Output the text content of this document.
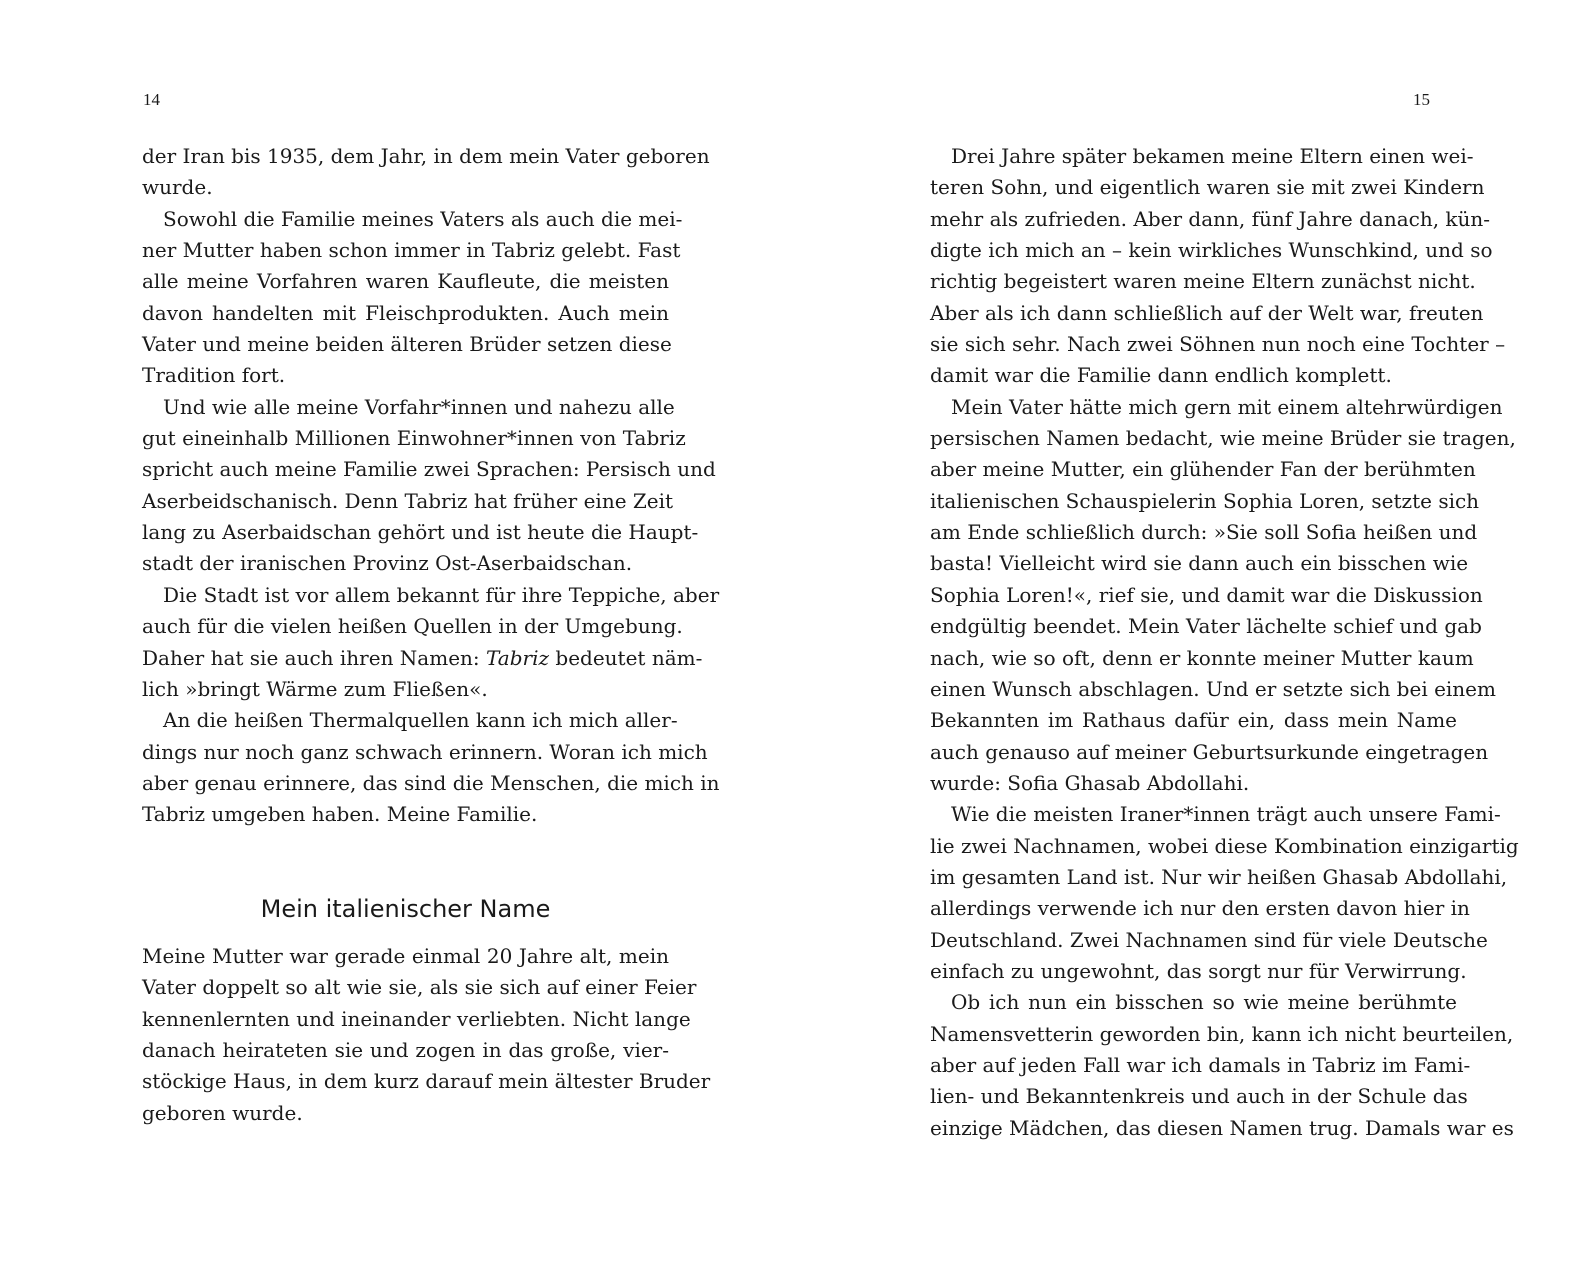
14
der Iran bis 1935, dem Jahr, in dem mein Vater geboren
wurde.
Sowohl die Familie meines Vaters als auch die mei-
ner Mutter haben schon immer in Tabriz gelebt. Fast
alle meine Vorfahren waren Kaufleute, die meisten
davon handelten mit Fleischprodukten. Auch mein
Vater und meine beiden älteren Brüder setzen diese
Tradition fort.
Und wie alle meine Vorfahr*innen und nahezu alle
gut eineinhalb Millionen Einwohner*innen von Tabriz
spricht auch meine Familie zwei Sprachen: Persisch und
Aserbeidschanisch. Denn Tabriz hat früher eine Zeit
lang zu Aserbaidschan gehört und ist heute die Haupt-
stadt der iranischen Provinz Ost-Aserbaidschan.
Die Stadt ist vor allem bekannt für ihre Teppiche, aber
auch für die vielen heißen Quellen in der Umgebung.
Daher hat sie auch ihren Namen: Tabriz bedeutet näm-
lich »bringt Wärme zum Fließen«.
An die heißen Thermalquellen kann ich mich aller-
dings nur noch ganz schwach erinnern. Woran ich mich
aber genau erinnere, das sind die Menschen, die mich in
Tabriz umgeben haben. Meine Familie.
Mein italienischer Name
Meine Mutter war gerade einmal 20 Jahre alt, mein
Vater doppelt so alt wie sie, als sie sich auf einer Feier
kennenlernten und ineinander verliebten. Nicht lange
danach heirateten sie und zogen in das große, vier-
stöckige Haus, in dem kurz darauf mein ältester Bruder
geboren wurde.
15
Drei Jahre später bekamen meine Eltern einen wei-
teren Sohn, und eigentlich waren sie mit zwei Kindern
mehr als zufrieden. Aber dann, fünf Jahre danach, kün-
digte ich mich an – kein wirkliches Wunschkind, und so
richtig begeistert waren meine Eltern zunächst nicht.
Aber als ich dann schließlich auf der Welt war, freuten
sie sich sehr. Nach zwei Söhnen nun noch eine Tochter –
damit war die Familie dann endlich komplett.
Mein Vater hätte mich gern mit einem altehrwürdigen
persischen Namen bedacht, wie meine Brüder sie tragen,
aber meine Mutter, ein glühender Fan der berühmten
italienischen Schauspielerin Sophia Loren, setzte sich
am Ende schließlich durch: »Sie soll Sofia heißen und
basta! Vielleicht wird sie dann auch ein bisschen wie
Sophia Loren!«, rief sie, und damit war die Diskussion
endgültig beendet. Mein Vater lächelte schief und gab
nach, wie so oft, denn er konnte meiner Mutter kaum
einen Wunsch abschlagen. Und er setzte sich bei einem
Bekannten im Rathaus dafür ein, dass mein Name
auch genauso auf meiner Geburtsurkunde eingetragen
wurde: Sofia Ghasab Abdollahi.
Wie die meisten Iraner*innen trägt auch unsere Fami-
lie zwei Nachnamen, wobei diese Kombination einzigartig
im gesamten Land ist. Nur wir heißen Ghasab Abdollahi,
allerdings verwende ich nur den ersten davon hier in
Deutschland. Zwei Nachnamen sind für viele Deutsche
einfach zu ungewohnt, das sorgt nur für Verwirrung.
Ob ich nun ein bisschen so wie meine berühmte
Namensvetterin geworden bin, kann ich nicht beurteilen,
aber auf jeden Fall war ich damals in Tabriz im Fami-
lien- und Bekanntenkreis und auch in der Schule das
einzige Mädchen, das diesen Namen trug. Damals war es
